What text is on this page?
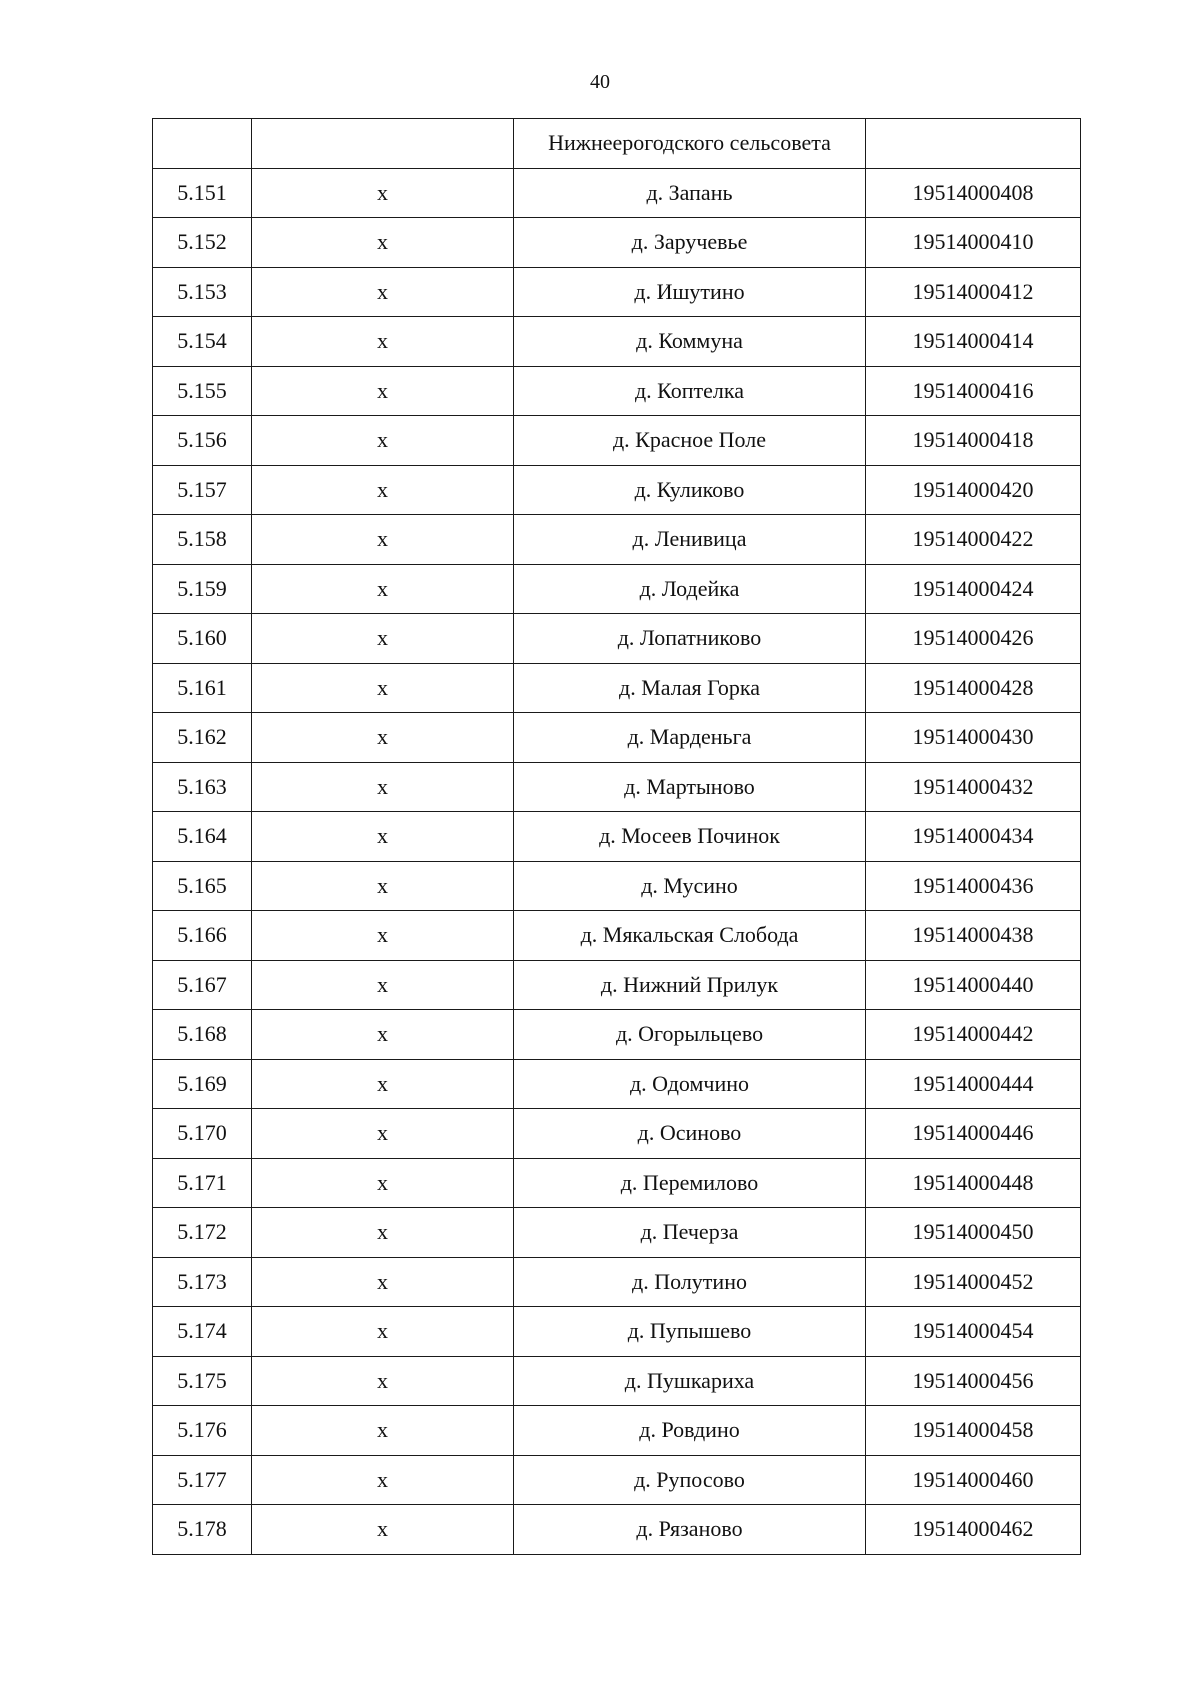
40
		Нижнеерогодского сельсовета	
5.151	х	д. Запань	19514000408
5.152	х	д. Заручевье	19514000410
5.153	х	д. Ишутино	19514000412
5.154	х	д. Коммуна	19514000414
5.155	х	д. Коптелка	19514000416
5.156	х	д. Красное Поле	19514000418
5.157	х	д. Куликово	19514000420
5.158	х	д. Ленивица	19514000422
5.159	х	д. Лодейка	19514000424
5.160	х	д. Лопатниково	19514000426
5.161	х	д. Малая Горка	19514000428
5.162	х	д. Марденьга	19514000430
5.163	х	д. Мартыново	19514000432
5.164	х	д. Мосеев Починок	19514000434
5.165	х	д. Мусино	19514000436
5.166	х	д. Мякальская Слобода	19514000438
5.167	х	д. Нижний Прилук	19514000440
5.168	х	д. Огорыльцево	19514000442
5.169	х	д. Одомчино	19514000444
5.170	х	д. Осиново	19514000446
5.171	х	д. Перемилово	19514000448
5.172	х	д. Печерза	19514000450
5.173	х	д. Полутино	19514000452
5.174	х	д. Пупышево	19514000454
5.175	х	д. Пушкариха	19514000456
5.176	х	д. Ровдино	19514000458
5.177	х	д. Рупосово	19514000460
5.178	х	д. Рязаново	19514000462
